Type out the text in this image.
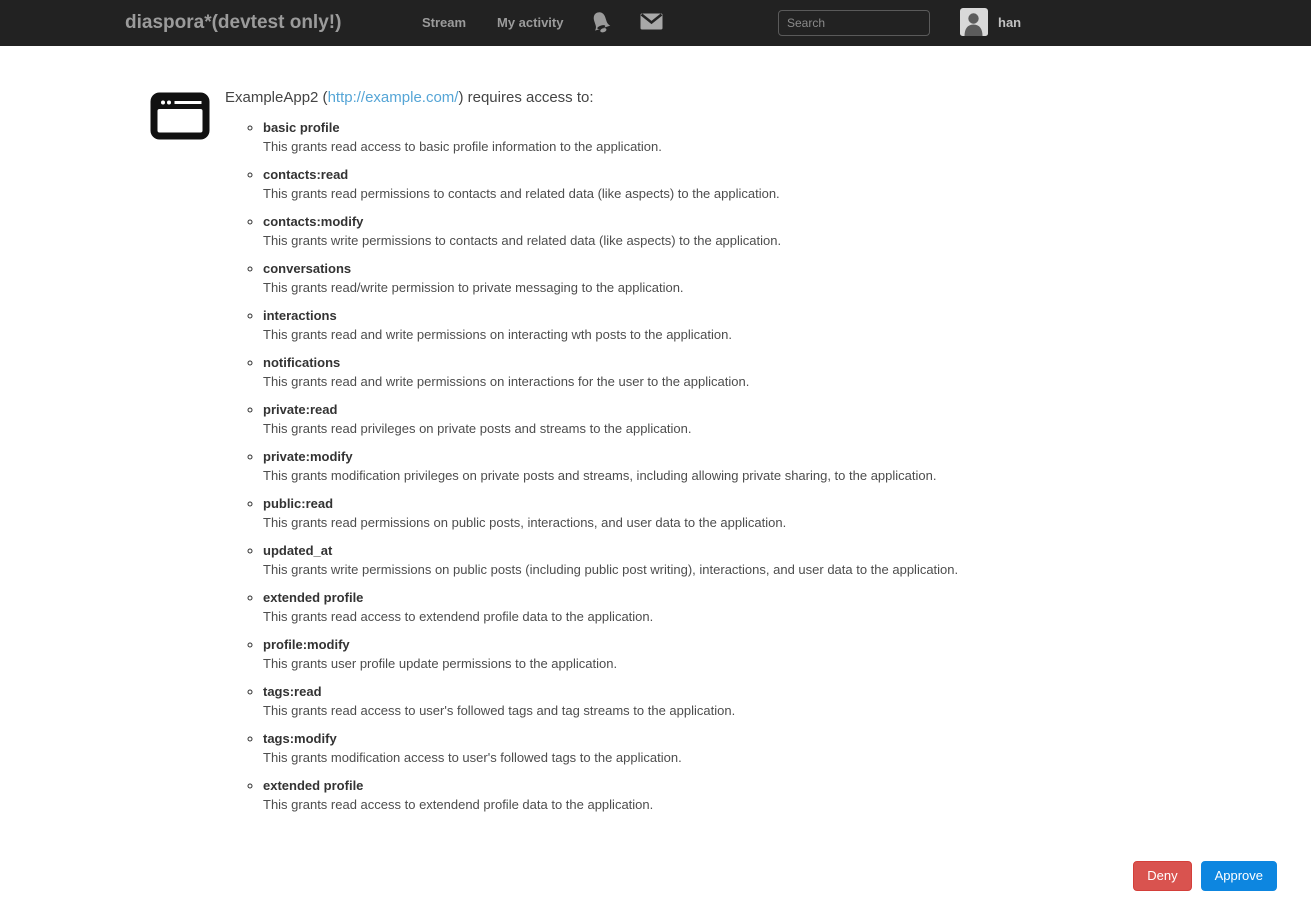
diaspora*(devtest only!)	Stream My activity
Search	han
ExampleApp2 (http://example.com/) requires access to:
◦ basic profile
This grants read access to basic profile information to the application.
◦ contacts:read
This grants read permissions to contacts and related data (like aspects) to the application.
◦ contacts:modify
This grants write permissions to contacts and related data (like aspects) to the application.
◦ conversations
This grants read/write permission to private messaging to the application.
◦ interactions
This grants read and write permissions on interacting wth posts to the application.
◦ notifications
This grants read and write permissions on interactions for the user to the application.
◦ private:read
This grants read privileges on private posts and streams to the application.
◦ private:modify
This grants modification privileges on private posts and streams, including allowing private sharing, to the application.
◦ public:read
This grants read permissions on public posts, interactions, and user data to the application.
◦ updated_at
This grants write permissions on public posts (including public post writing), interactions, and user data to the application.
◦ extended profile
This grants read access to extendend profile data to the application.
◦ profile:modify
This grants user profile update permissions to the application.
◦ tags:read
This grants read access to user's followed tags and tag streams to the application.
◦ tags:modify
This grants modification access to user's followed tags to the application.
◦ extended profile
This grants read access to extendend profile data to the application.
Deny	Approve
